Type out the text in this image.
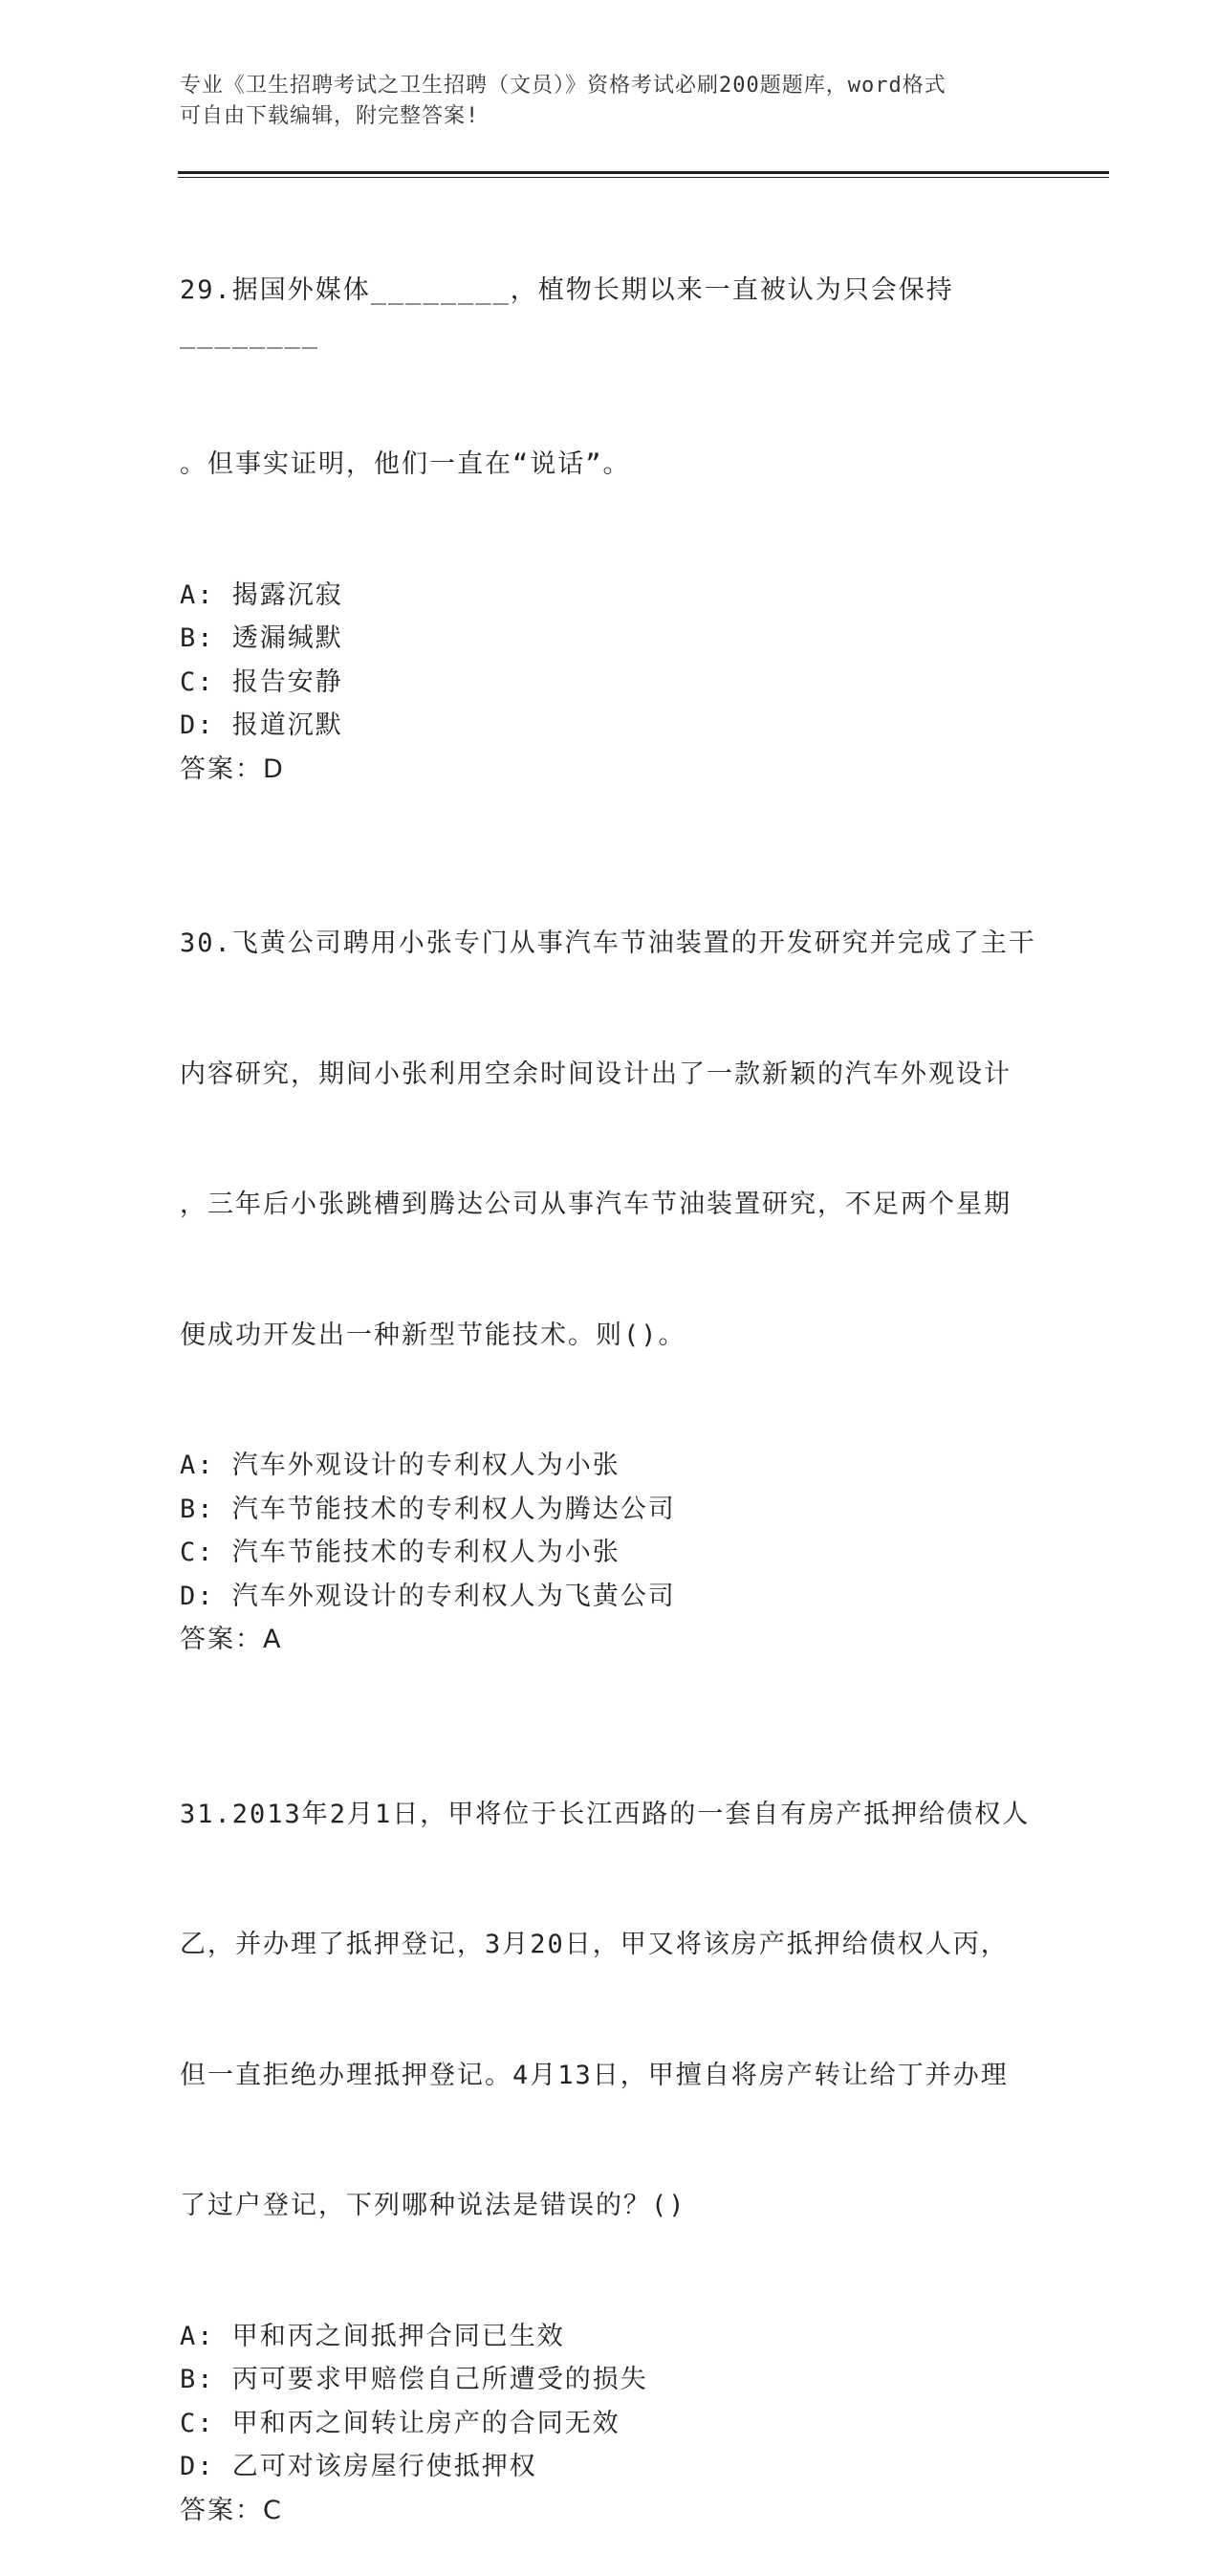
专业《卫生招聘考试之卫生招聘（文员）》资格考试必刷200题题库，word格式
可自由下载编辑，附完整答案!

29.据国外媒体________，植物长期以来一直被认为只会保持________

。但事实证明，他们一直在“说话”。

A: 揭露沉寂
B: 透漏缄默
C: 报告安静
D: 报道沉默
答案：D

30.飞黄公司聘用小张专门从事汽车节油装置的开发研究并完成了主干

内容研究，期间小张利用空余时间设计出了一款新颖的汽车外观设计

，三年后小张跳槽到腾达公司从事汽车节油装置研究，不足两个星期

便成功开发出一种新型节能技术。则()。

A: 汽车外观设计的专利权人为小张
B: 汽车节能技术的专利权人为腾达公司
C: 汽车节能技术的专利权人为小张
D: 汽车外观设计的专利权人为飞黄公司
答案：A

31.2013年2月1日，甲将位于长江西路的一套自有房产抵押给债权人

乙，并办理了抵押登记，3月20日，甲又将该房产抵押给债权人丙，

但一直拒绝办理抵押登记。4月13日，甲擅自将房产转让给丁并办理

了过户登记，下列哪种说法是错误的？()

A: 甲和丙之间抵押合同已生效
B: 丙可要求甲赔偿自己所遭受的损失
C: 甲和丙之间转让房产的合同无效
D: 乙可对该房屋行使抵押权
答案：C
